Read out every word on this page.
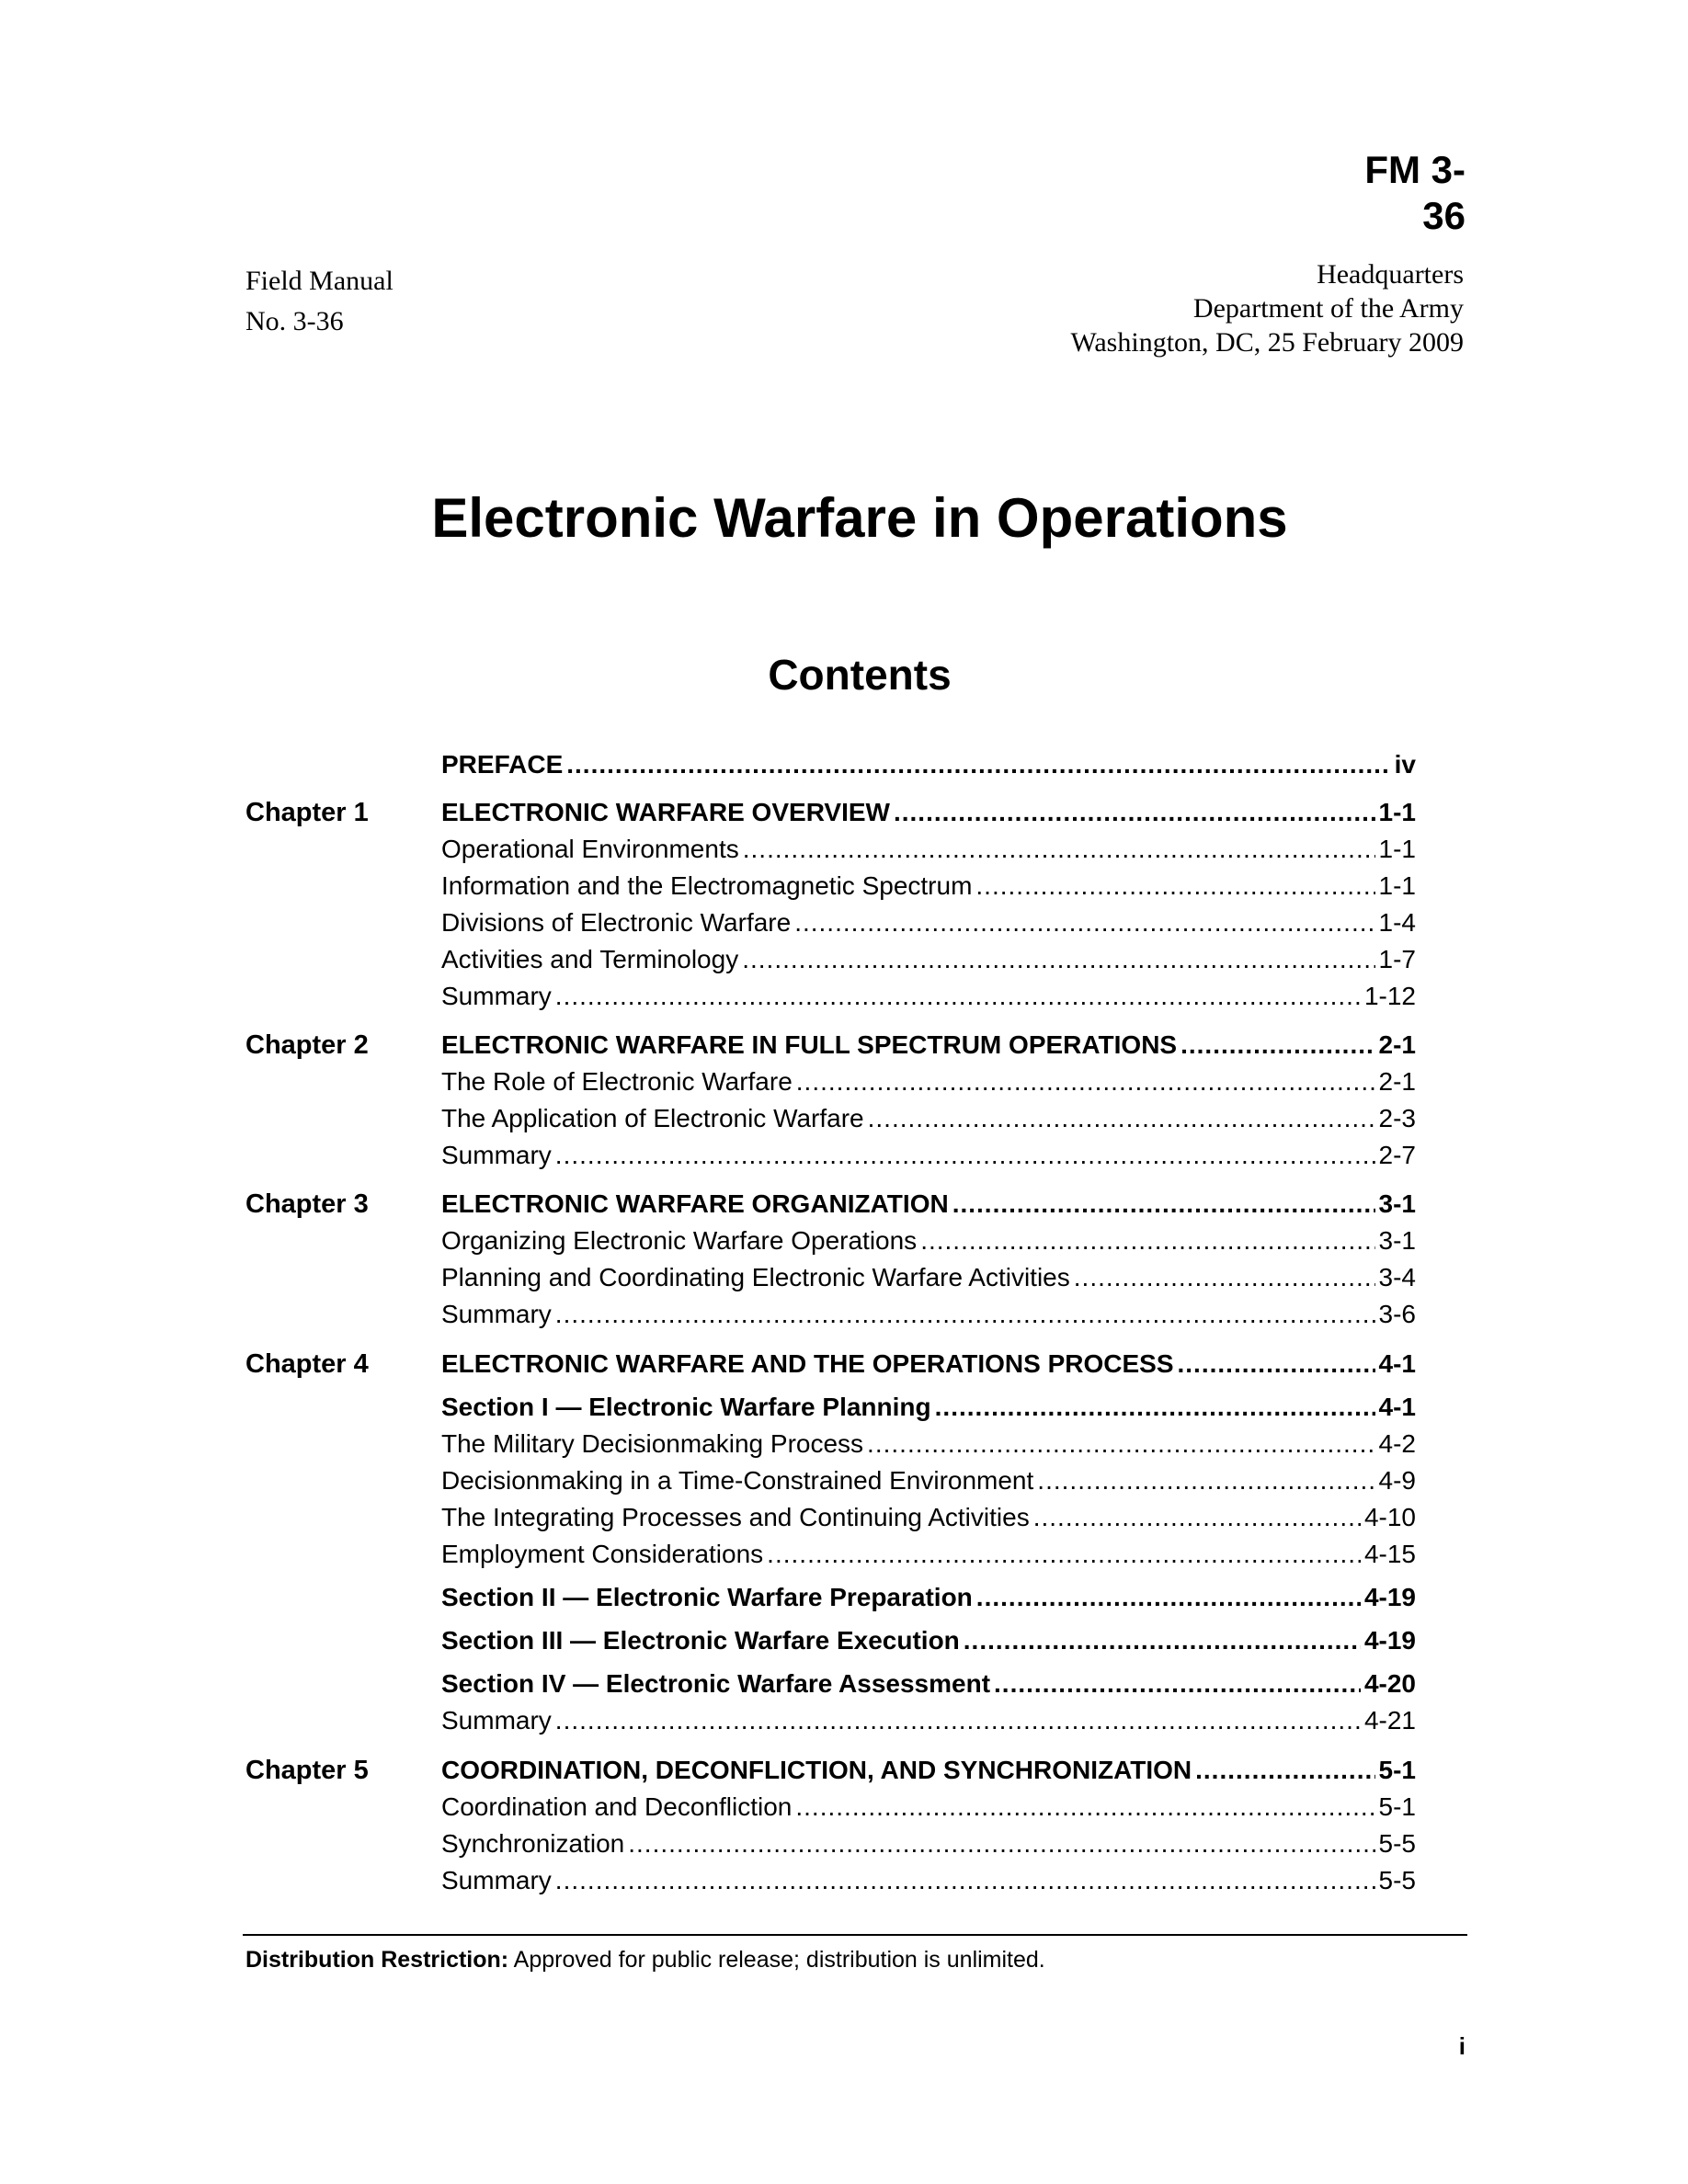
FM 3-36
Field Manual
No. 3-36
Headquarters
Department of the Army
Washington, DC, 25 February 2009
Electronic Warfare in Operations
Contents
PREFACE .....	iv
Chapter 1	ELECTRONIC WARFARE OVERVIEW .....	1-1
Operational Environments .....	1-1
Information and the Electromagnetic Spectrum .....	1-1
Divisions of Electronic Warfare .....	1-4
Activities and Terminology .....	1-7
Summary .....	1-12
Chapter 2	ELECTRONIC WARFARE IN FULL SPECTRUM OPERATIONS .....	2-1
The Role of Electronic Warfare .....	2-1
The Application of Electronic Warfare .....	2-3
Summary .....	2-7
Chapter 3	ELECTRONIC WARFARE ORGANIZATION .....	3-1
Organizing Electronic Warfare Operations .....	3-1
Planning and Coordinating Electronic Warfare Activities .....	3-4
Summary .....	3-6
Chapter 4	ELECTRONIC WARFARE AND THE OPERATIONS PROCESS .....	4-1
Section I — Electronic Warfare Planning .....	4-1
The Military Decisionmaking Process .....	4-2
Decisionmaking in a Time-Constrained Environment .....	4-9
The Integrating Processes and Continuing Activities .....	4-10
Employment Considerations .....	4-15
Section II — Electronic Warfare Preparation .....	4-19
Section III — Electronic Warfare Execution .....	4-19
Section IV — Electronic Warfare Assessment .....	4-20
Summary .....	4-21
Chapter 5	COORDINATION, DECONFLICTION, AND SYNCHRONIZATION .....	5-1
Coordination and Deconfliction .....	5-1
Synchronization .....	5-5
Summary .....	5-5
Distribution Restriction: Approved for public release; distribution is unlimited.
i
